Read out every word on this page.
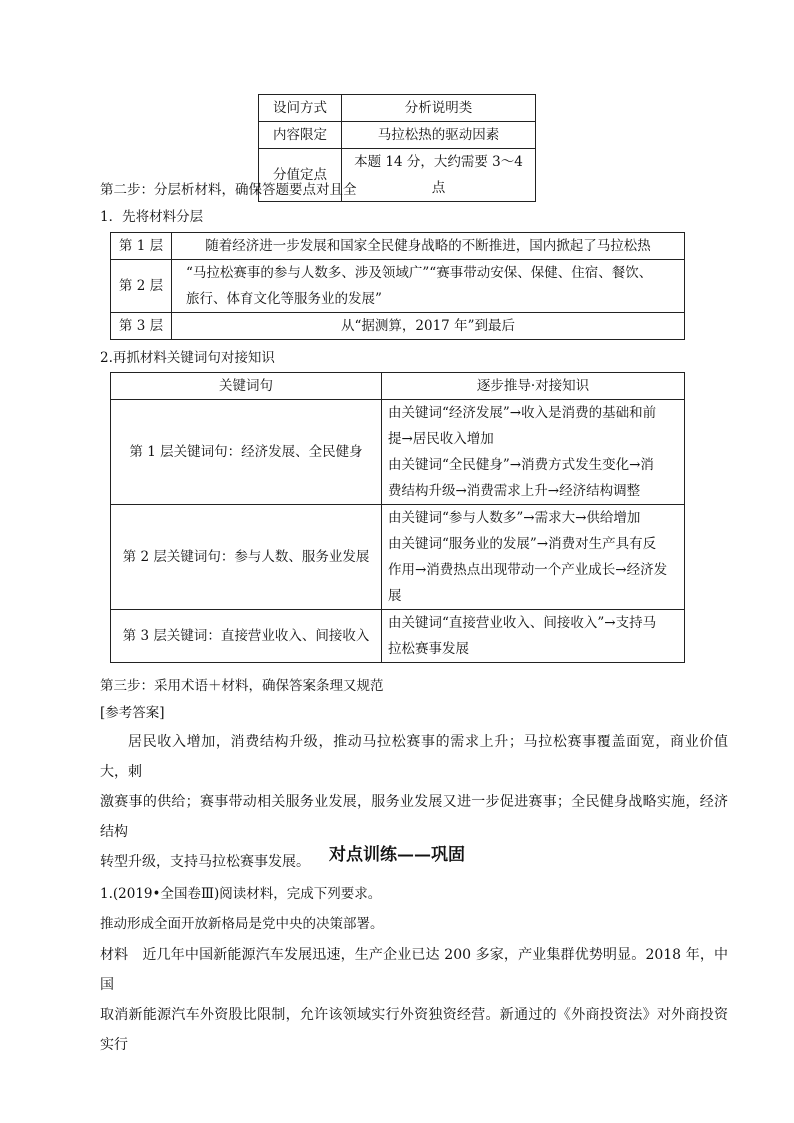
设问方式	分析说明类
内容限定	马拉松热的驱动因素
分值定点	本题 14 分，大约需要 3～4 点
第二步：分层析材料，确保答题要点对且全
1．先将材料分层
第 1 层	随着经济进一步发展和国家全民健身战略的不断推进，国内掀起了马拉松热
第 2 层	“马拉松赛事的参与人数多、涉及领域广”“赛事带动安保、保健、住宿、餐饮、
旅行、体育文化等服务业的发展”

第 3 层	从“据测算，2017 年”到最后
2.再抓材料关键词句对接知识
关键词句	逐步推导·对接知识
第 1 层关键词句：经济发展、全民健身	由关键词“经济发展”→收入是消费的基础和前
提→居民收入增加
由关键词“全民健身”→消费方式发生变化→消
费结构升级→消费需求上升→经济结构调整

第 2 层关键词句：参与人数、服务业发展	由关键词“参与人数多”→需求大→供给增加
由关键词“服务业的发展”→消费对生产具有反
作用→消费热点出现带动一个产业成长→经济发
展

第 3 层关键词：直接营业收入、间接收入	由关键词“直接营业收入、间接收入”→支持马
拉松赛事发展
第三步：采用术语＋材料，确保答案条理又规范
[参考答案]
居民收入增加，消费结构升级，推动马拉松赛事的需求上升；马拉松赛事覆盖面宽，商业价值大，刺
激赛事的供给；赛事带动相关服务业发展，服务业发展又进一步促进赛事；全民健身战略实施，经济结构
转型升级，支持马拉松赛事发展。	对点训练——巩固
1.(2019•全国卷Ⅲ)阅读材料，完成下列要求。
推动形成全面开放新格局是党中央的决策部署。
材料　近几年中国新能源汽车发展迅速，生产企业已达 200 多家，产业集群优势明显。2018 年，中国
取消新能源汽车外资股比限制，允许该领域实行外资独资经营。新通过的《外商投资法》对外商投资实行
